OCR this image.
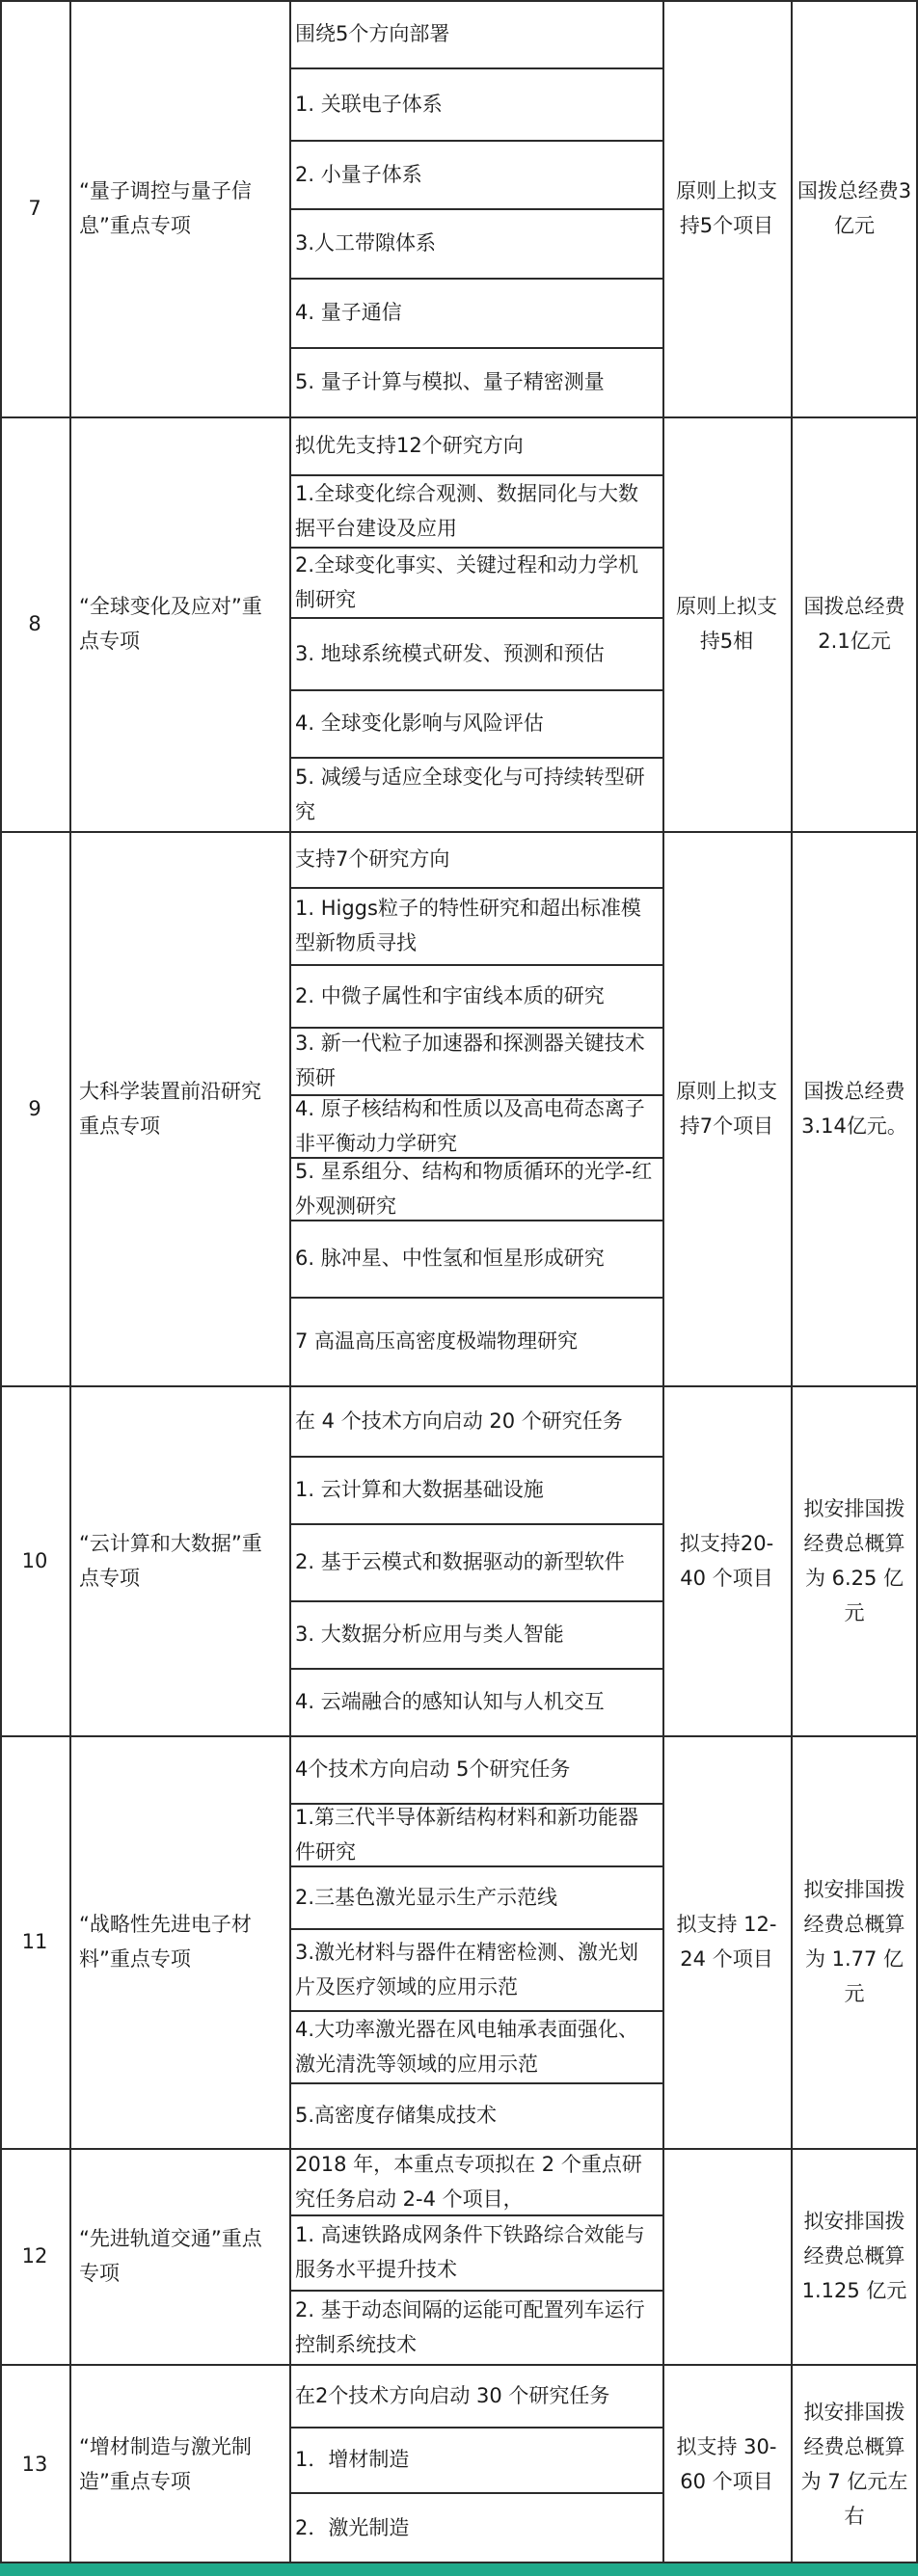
7
“量子调控与量子信息”重点专项
围绕5个方向部署
1. 关联电子体系
2. 小量子体系
3.人工带隙体系
4. 量子通信
5. 量子计算与模拟、量子精密测量
原则上拟支持5个项目
国拨总经费3亿元
8
“全球变化及应对”重点专项
拟优先支持12个研究方向
1.全球变化综合观测、数据同化与大数据平台建设及应用
2.全球变化事实、关键过程和动力学机制研究
3. 地球系统模式研发、预测和预估
4. 全球变化影响与风险评估
5. 减缓与适应全球变化与可持续转型研究
原则上拟支持5相
国拨总经费2.1亿元
9
大科学装置前沿研究重点专项
支持7个研究方向
1. Higgs粒子的特性研究和超出标准模型新物质寻找
2. 中微子属性和宇宙线本质的研究
3. 新一代粒子加速器和探测器关键技术预研
4. 原子核结构和性质以及高电荷态离子非平衡动力学研究
5. 星系组分、结构和物质循环的光学-红外观测研究
6. 脉冲星、中性氢和恒星形成研究
7 高温高压高密度极端物理研究
原则上拟支持7个项目
国拨总经费3.14亿元。
10
“云计算和大数据”重点专项
在 4 个技术方向启动 20 个研究任务
1. 云计算和大数据基础设施
2. 基于云模式和数据驱动的新型软件
3. 大数据分析应用与类人智能
4. 云端融合的感知认知与人机交互
拟支持20-40 个项目
拟安排国拨经费总概算为 6.25 亿元
11
“战略性先进电子材料”重点专项
4个技术方向启动 5个研究任务
1.第三代半导体新结构材料和新功能器件研究
2.三基色激光显示生产示范线
3.激光材料与器件在精密检测、激光划片及医疗领域的应用示范
4.大功率激光器在风电轴承表面强化、激光清洗等领域的应用示范
5.高密度存储集成技术
拟支持 12-24 个项目
拟安排国拨经费总概算为 1.77 亿元
12
“先进轨道交通”重点专项
2018 年，本重点专项拟在 2 个重点研究任务启动 2-4 个项目，
1. 高速铁路成网条件下铁路综合效能与服务水平提升技术
2. 基于动态间隔的运能可配置列车运行控制系统技术
拟安排国拨经费总概算 1.125 亿元
13
“增材制造与激光制造”重点专项
在2个技术方向启动 30 个研究任务
1．增材制造
2．激光制造
拟支持 30-60 个项目
拟安排国拨经费总概算为 7 亿元左右
